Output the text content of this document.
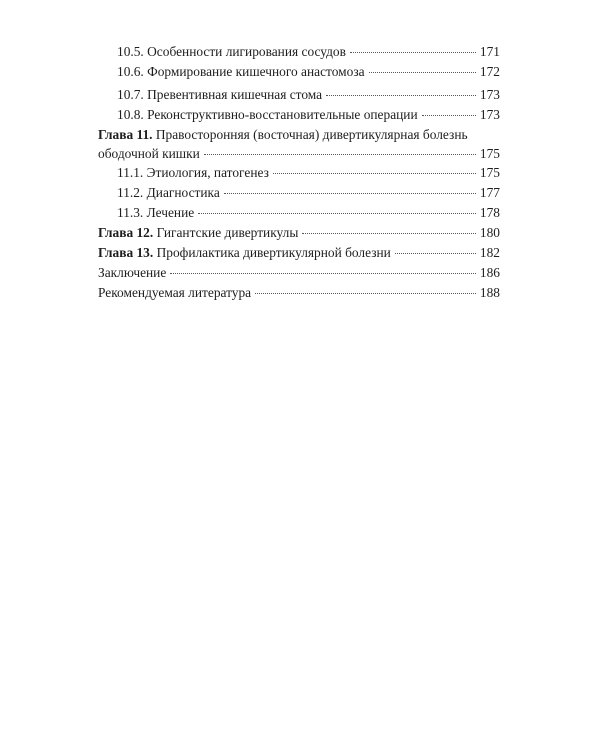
10.5. Особенности лигирования сосудов	171
10.6. Формирование кишечного анастомоза	172
10.7. Превентивная кишечная стома	173
10.8. Реконструктивно-восстановительные операции	173
Глава 11. Правосторонняя (восточная) дивертикулярная болезнь
ободочной кишки	175
11.1. Этиология, патогенез	175
11.2. Диагностика	177
11.3. Лечение	178
Глава 12. Гигантские дивертикулы	180
Глава 13. Профилактика дивертикулярной болезни	182
Заключение	186
Рекомендуемая литература	188
